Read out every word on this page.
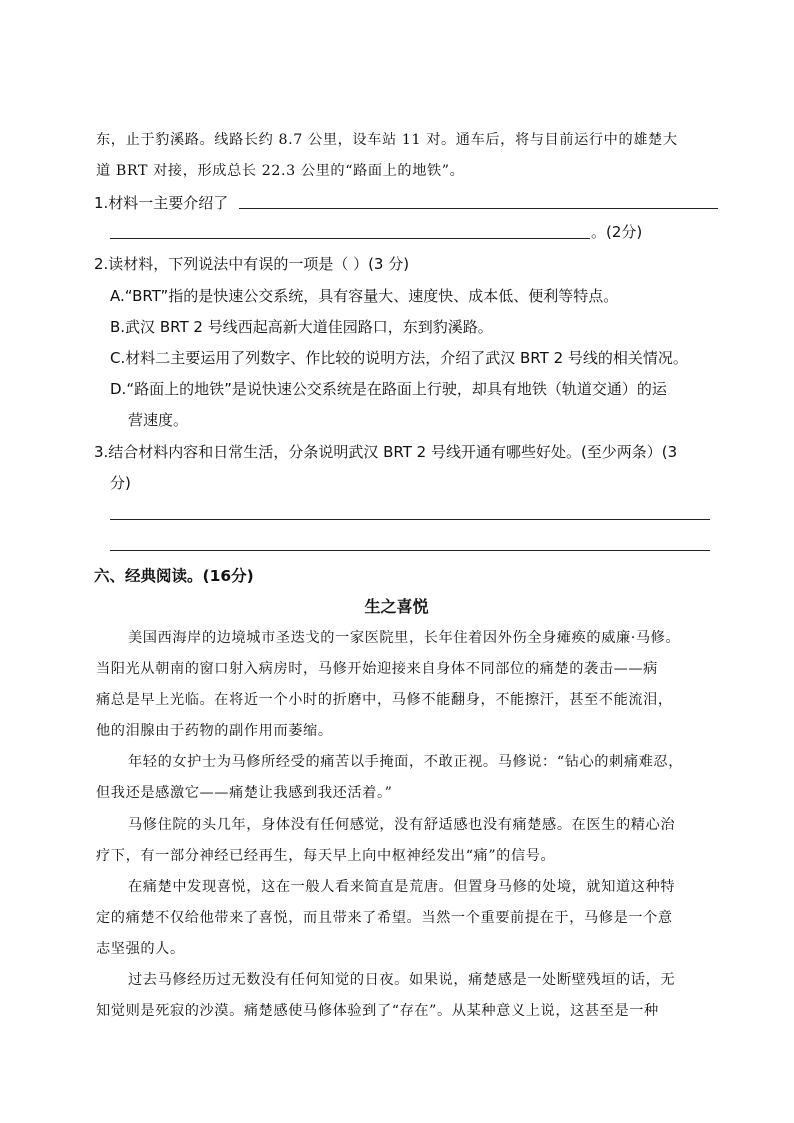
东，止于豹溪路。线路长约 8.7 公里，设车站 11 对。通车后，将与目前运行中的雄楚大
道 BRT 对接，形成总长 22.3 公里的“路面上的地铁”。
1.材料一主要介绍了
。(2分)
2.读材料，下列说法中有误的一项是（ ）(3 分)
A.“BRT”指的是快速公交系统，具有容量大、速度快、成本低、便利等特点。
B.武汉 BRT 2 号线西起高新大道佳园路口，东到豹溪路。
C.材料二主要运用了列数字、作比较的说明方法，介绍了武汉 BRT 2 号线的相关情况。
D.“路面上的地铁”是说快速公交系统是在路面上行驶，却具有地铁（轨道交通）的运
营速度。
3.结合材料内容和日常生活，分条说明武汉 BRT 2 号线开通有哪些好处。(至少两条）(3
分)
六、经典阅读。(16分)
生之喜悦
美国西海岸的边境城市圣迭戈的一家医院里，长年住着因外伤全身瘫痪的威廉·马修。
当阳光从朝南的窗口射入病房时，马修开始迎接来自身体不同部位的痛楚的袭击——病
痛总是早上光临。在将近一个小时的折磨中，马修不能翻身，不能擦汗，甚至不能流泪，
他的泪腺由于药物的副作用而萎缩。
年轻的女护士为马修所经受的痛苦以手掩面，不敢正视。马修说：“钻心的刺痛难忍，
但我还是感激它——痛楚让我感到我还活着。”
马修住院的头几年，身体没有任何感觉，没有舒适感也没有痛楚感。在医生的精心治
疗下，有一部分神经已经再生，每天早上向中枢神经发出“痛”的信号。
在痛楚中发现喜悦，这在一般人看来简直是荒唐。但置身马修的处境，就知道这种特
定的痛楚不仅给他带来了喜悦，而且带来了希望。当然一个重要前提在于，马修是一个意
志坚强的人。
过去马修经历过无数没有任何知觉的日夜。如果说，痛楚感是一处断壁残垣的话，无
知觉则是死寂的沙漠。痛楚感使马修体验到了“存在”。从某种意义上说，这甚至是一种
